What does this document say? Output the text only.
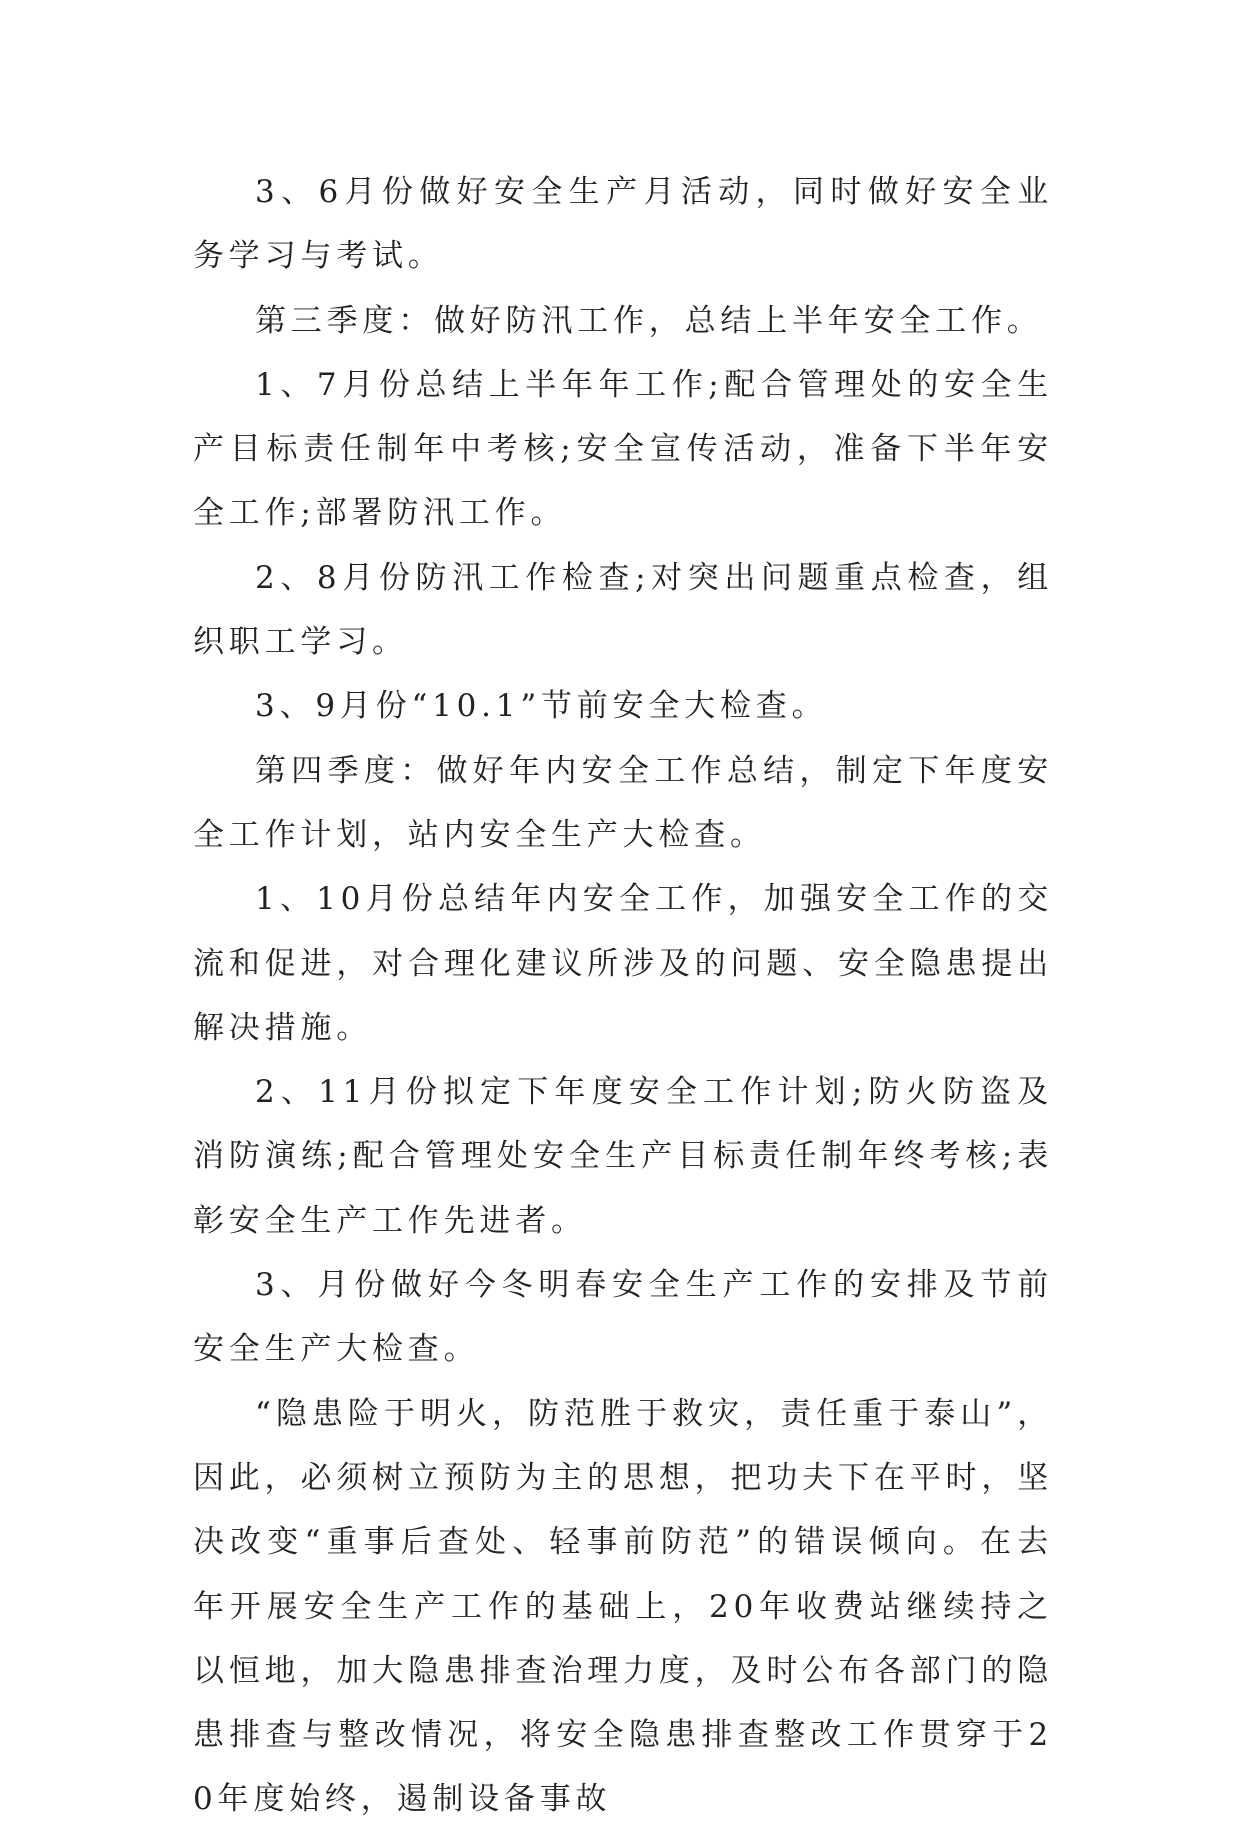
3、6月份做好安全生产月活动，同时做好安全业务学习与考试。

第三季度：做好防汛工作，总结上半年安全工作。

1、7月份总结上半年年工作;配合管理处的安全生产目标责任制年中考核;安全宣传活动，准备下半年安全工作;部署防汛工作。

2、8月份防汛工作检查;对突出问题重点检查，组织职工学习。

3、9月份“10.1”节前安全大检查。

第四季度：做好年内安全工作总结，制定下年度安全工作计划，站内安全生产大检查。

1、10月份总结年内安全工作，加强安全工作的交流和促进，对合理化建议所涉及的问题、安全隐患提出解决措施。

2、11月份拟定下年度安全工作计划;防火防盗及消防演练;配合管理处安全生产目标责任制年终考核;表彰安全生产工作先进者。

3、月份做好今冬明春安全生产工作的安排及节前安全生产大检查。

“隐患险于明火，防范胜于救灾，责任重于泰山”，因此，必须树立预防为主的思想，把功夫下在平时，坚决改变“重事后查处、轻事前防范”的错误倾向。在去年开展安全生产工作的基础上，20年收费站继续持之以恒地，加大隐患排查治理力度，及时公布各部门的隐患排查与整改情况，将安全隐患排查整改工作贯穿于20年度始终，遏制设备事故
